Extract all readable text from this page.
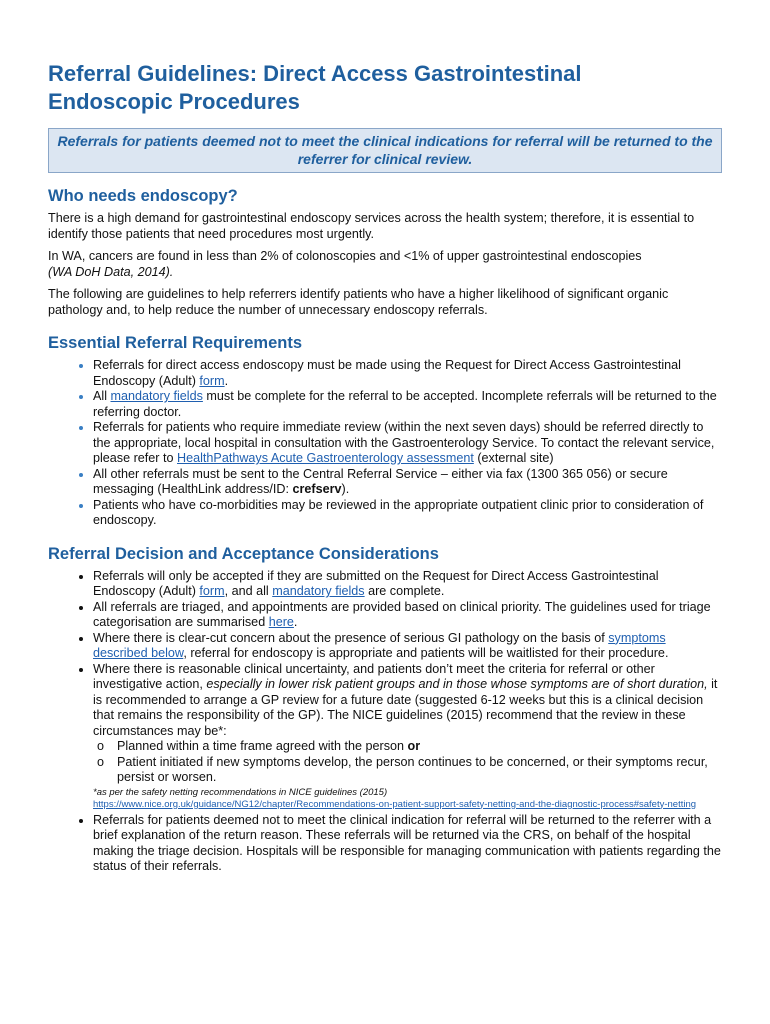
Referral Guidelines: Direct Access Gastrointestinal
Endoscopic Procedures
Referrals for patients deemed not to meet the clinical indications for referral will be returned to the referrer for clinical review.
Who needs endoscopy?

There is a high demand for gastrointestinal endoscopy services across the health system; therefore, it is essential to identify those patients that need procedures most urgently.

In WA, cancers are found in less than 2% of colonoscopies and <1% of upper gastrointestinal endoscopies
(WA DoH Data, 2014).

The following are guidelines to help referrers identify patients who have a higher likelihood of significant organic pathology and, to help reduce the number of unnecessary endoscopy referrals.

Essential Referral Requirements
• Referrals for direct access endoscopy must be made using the Request for Direct Access Gastrointestinal Endoscopy (Adult) form.
• All mandatory fields must be complete for the referral to be accepted. Incomplete referrals will be returned to the referring doctor.
• Referrals for patients who require immediate review (within the next seven days) should be referred directly to the appropriate, local hospital in consultation with the Gastroenterology Service. To contact the relevant service, please refer to HealthPathways Acute Gastroenterology assessment (external site)
• All other referrals must be sent to the Central Referral Service – either via fax (1300 365 056) or secure messaging (HealthLink address/ID: crefserv).
• Patients who have co-morbidities may be reviewed in the appropriate outpatient clinic prior to consideration of endoscopy.
Referral Decision and Acceptance Considerations
• Referrals will only be accepted if they are submitted on the Request for Direct Access Gastrointestinal Endoscopy (Adult) form, and all mandatory fields are complete.
• All referrals are triaged, and appointments are provided based on clinical priority. The guidelines used for triage categorisation are summarised here.
• Where there is clear-cut concern about the presence of serious GI pathology on the basis of symptoms described below, referral for endoscopy is appropriate and patients will be waitlisted for their procedure.
• Where there is reasonable clinical uncertainty, and patients don’t meet the criteria for referral or other investigative action, especially in lower risk patient groups and in those whose symptoms are of short duration, it is recommended to arrange a GP review for a future date (suggested 6-12 weeks but this is a clinical decision that remains the responsibility of the GP). The NICE guidelines (2015) recommend that the review in these circumstances may be*:
o Planned within a time frame agreed with the person or
o Patient initiated if new symptoms develop, the person continues to be concerned, or their symptoms recur, persist or worsen.
*as per the safety netting recommendations in NICE guidelines (2015)
https://www.nice.org.uk/guidance/NG12/chapter/Recommendations-on-patient-support-safety-netting-and-the-diagnostic-process#safety-netting
• Referrals for patients deemed not to meet the clinical indication for referral will be returned to the referrer with a brief explanation of the return reason. These referrals will be returned via the CRS, on behalf of the hospital making the triage decision. Hospitals will be responsible for managing communication with patients regarding the status of their referrals.
